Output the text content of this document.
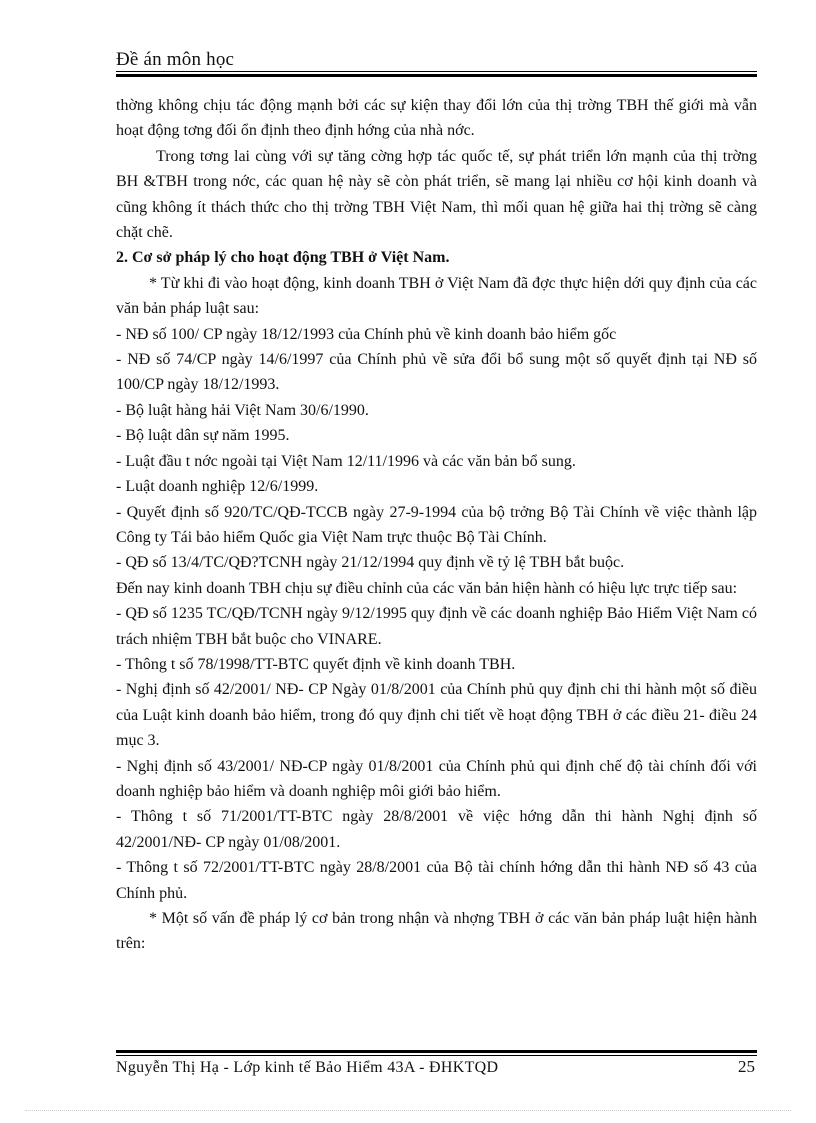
Đề án môn học

thờng không chịu tác động mạnh bởi các sự kiện thay đổi lớn của thị trờng TBH thế giới mà vẫn hoạt động tơng đối ổn định theo định hớng của nhà nớc.

Trong tơng lai cùng với sự tăng cờng hợp tác quốc tế, sự phát triển lớn mạnh của thị trờng BH &TBH trong nớc, các quan hệ này sẽ còn phát triển, sẽ mang lại nhiều cơ hội kinh doanh và cũng không ít thách thức cho thị trờng TBH Việt Nam, thì mối quan hệ giữa hai thị trờng sẽ càng chặt chẽ.

2. Cơ sở pháp lý cho hoạt động TBH ở Việt Nam.

* Từ khi đi vào hoạt động, kinh doanh TBH ở Việt Nam đã đợc thực hiện dới quy định của các văn bản pháp luật sau:

- NĐ số 100/ CP ngày 18/12/1993 của Chính phủ về kinh doanh bảo hiểm gốc

- NĐ số 74/CP ngày 14/6/1997 của Chính phủ về sửa đổi bổ sung một số quyết định tại NĐ số 100/CP ngày 18/12/1993.

- Bộ luật hàng hải Việt Nam 30/6/1990.

- Bộ luật dân sự năm 1995.

- Luật đầu t nớc ngoài tại Việt Nam 12/11/1996 và các văn bản bổ sung.

- Luật doanh nghiệp 12/6/1999.

- Quyết định số 920/TC/QĐ-TCCB ngày 27-9-1994 của bộ trởng Bộ Tài Chính về việc thành lập Công ty Tái bảo hiểm Quốc gia Việt Nam trực thuộc Bộ Tài Chính.

- QĐ số 13/4/TC/QĐ?TCNH ngày 21/12/1994 quy định về tỷ lệ TBH bắt buộc.

Đến nay kinh doanh TBH chịu sự điều chỉnh của các văn bản hiện hành có hiệu lực trực tiếp sau:

- QĐ số 1235 TC/QĐ/TCNH ngày 9/12/1995 quy định về các doanh nghiệp Bảo Hiểm Việt Nam có trách nhiệm TBH bắt buộc cho VINARE.

- Thông t số 78/1998/TT-BTC quyết định về kinh doanh TBH.

- Nghị định số 42/2001/ NĐ- CP Ngày 01/8/2001 của Chính phủ quy định chi thi hành một số điều của Luật kinh doanh bảo hiểm, trong đó quy định chi tiết về hoạt động TBH ở các điều 21- điều 24 mục 3.

- Nghị định số 43/2001/ NĐ-CP ngày 01/8/2001 của Chính phủ qui định chế độ tài chính đối với doanh nghiệp bảo hiểm và doanh nghiệp môi giới bảo hiểm.

- Thông t số 71/2001/TT-BTC ngày 28/8/2001 về việc hớng dẫn thi hành Nghị định số 42/2001/NĐ- CP ngày 01/08/2001.

- Thông t số 72/2001/TT-BTC ngày 28/8/2001 của Bộ tài chính hớng dẫn thi hành NĐ số 43 của Chính phủ.

* Một số vấn đề pháp lý cơ bản trong nhận và nhợng TBH ở các văn bản pháp luật hiện hành trên:

Nguyễn Thị Hạ - Lớp kinh tế Bảo Hiểm 43A - ĐHKTQD	25
